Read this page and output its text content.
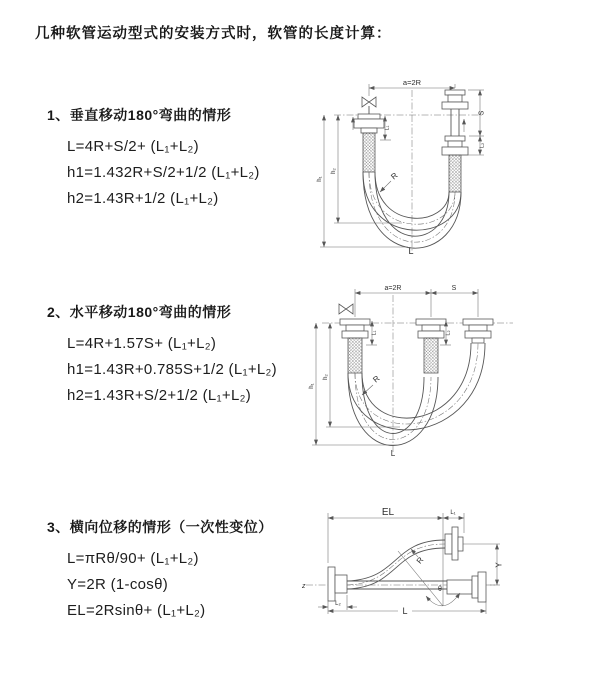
几种软管运动型式的安装方式时，软管的长度计算：
1、垂直移动180°弯曲的情形
L=4R+S/2+ (L₁+L₂)
h1=1.432R+S/2+1/2 (L₁+L₂)
h2=1.43R+1/2 (L₁+L₂)
2、水平移动180°弯曲的情形
L=4R+1.57S+ (L₁+L₂)
h1=1.43R+0.785S+1/2 (L₁+L₂)
h2=1.43R+S/2+1/2 (L₁+L₂)
3、横向位移的情形（一次性变位）
L=πRθ/90+ (L₁+L₂)
Y=2R (1-cosθ)
EL=2Rsinθ+ (L₁+L₂)
a=2R
L₁
S
L₂
h₁
h₂	R
L
a=2R	S
L₁	L₂
h₁
h₂	R
L
z
EL	L₁
Y
θ
R
L₂
L
